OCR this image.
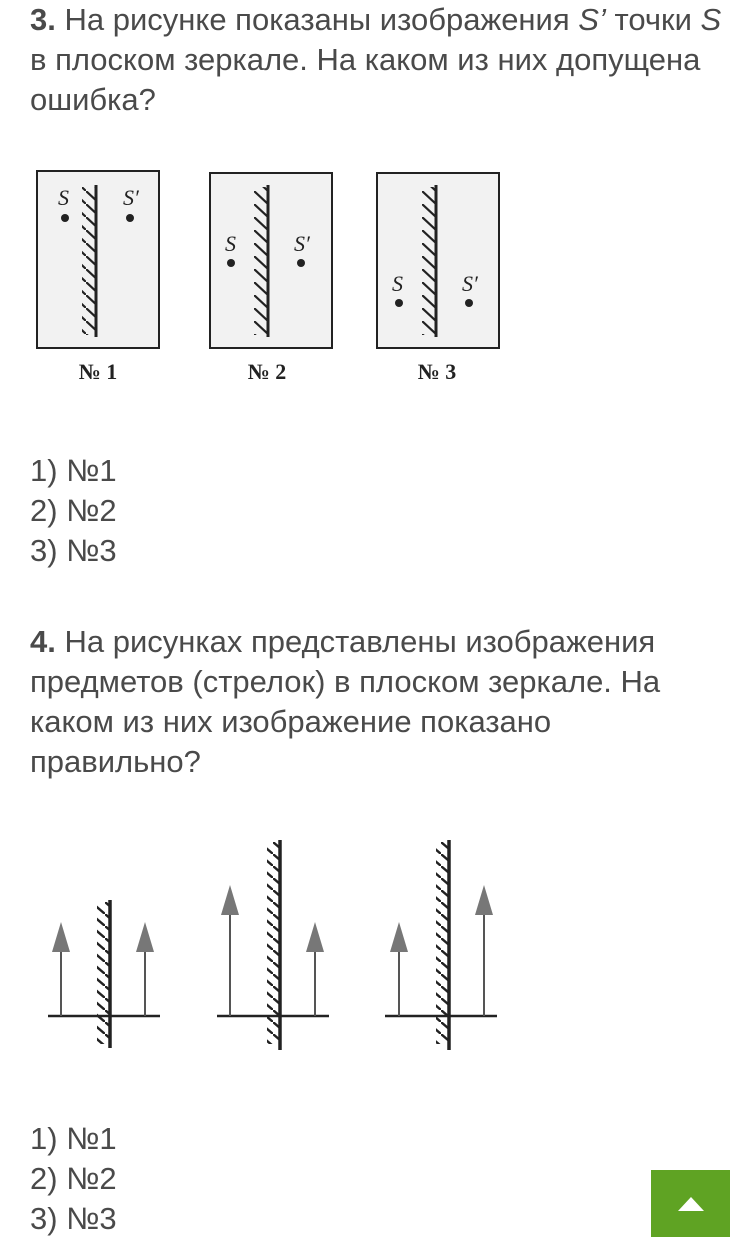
3. На рисунке показаны изображения S’ точки S в плоском зеркале. На каком из них допущена ошибка?

S S′
№ 1
S	S′
№ 2
S	S′
№ 3
1) №1
2) №2
3) №3

4. На рисунках представлены изображения предметов (стрелок) в плоском зеркале. На каком из них изображение показано правильно?

1) №1
2) №2
3) №3
